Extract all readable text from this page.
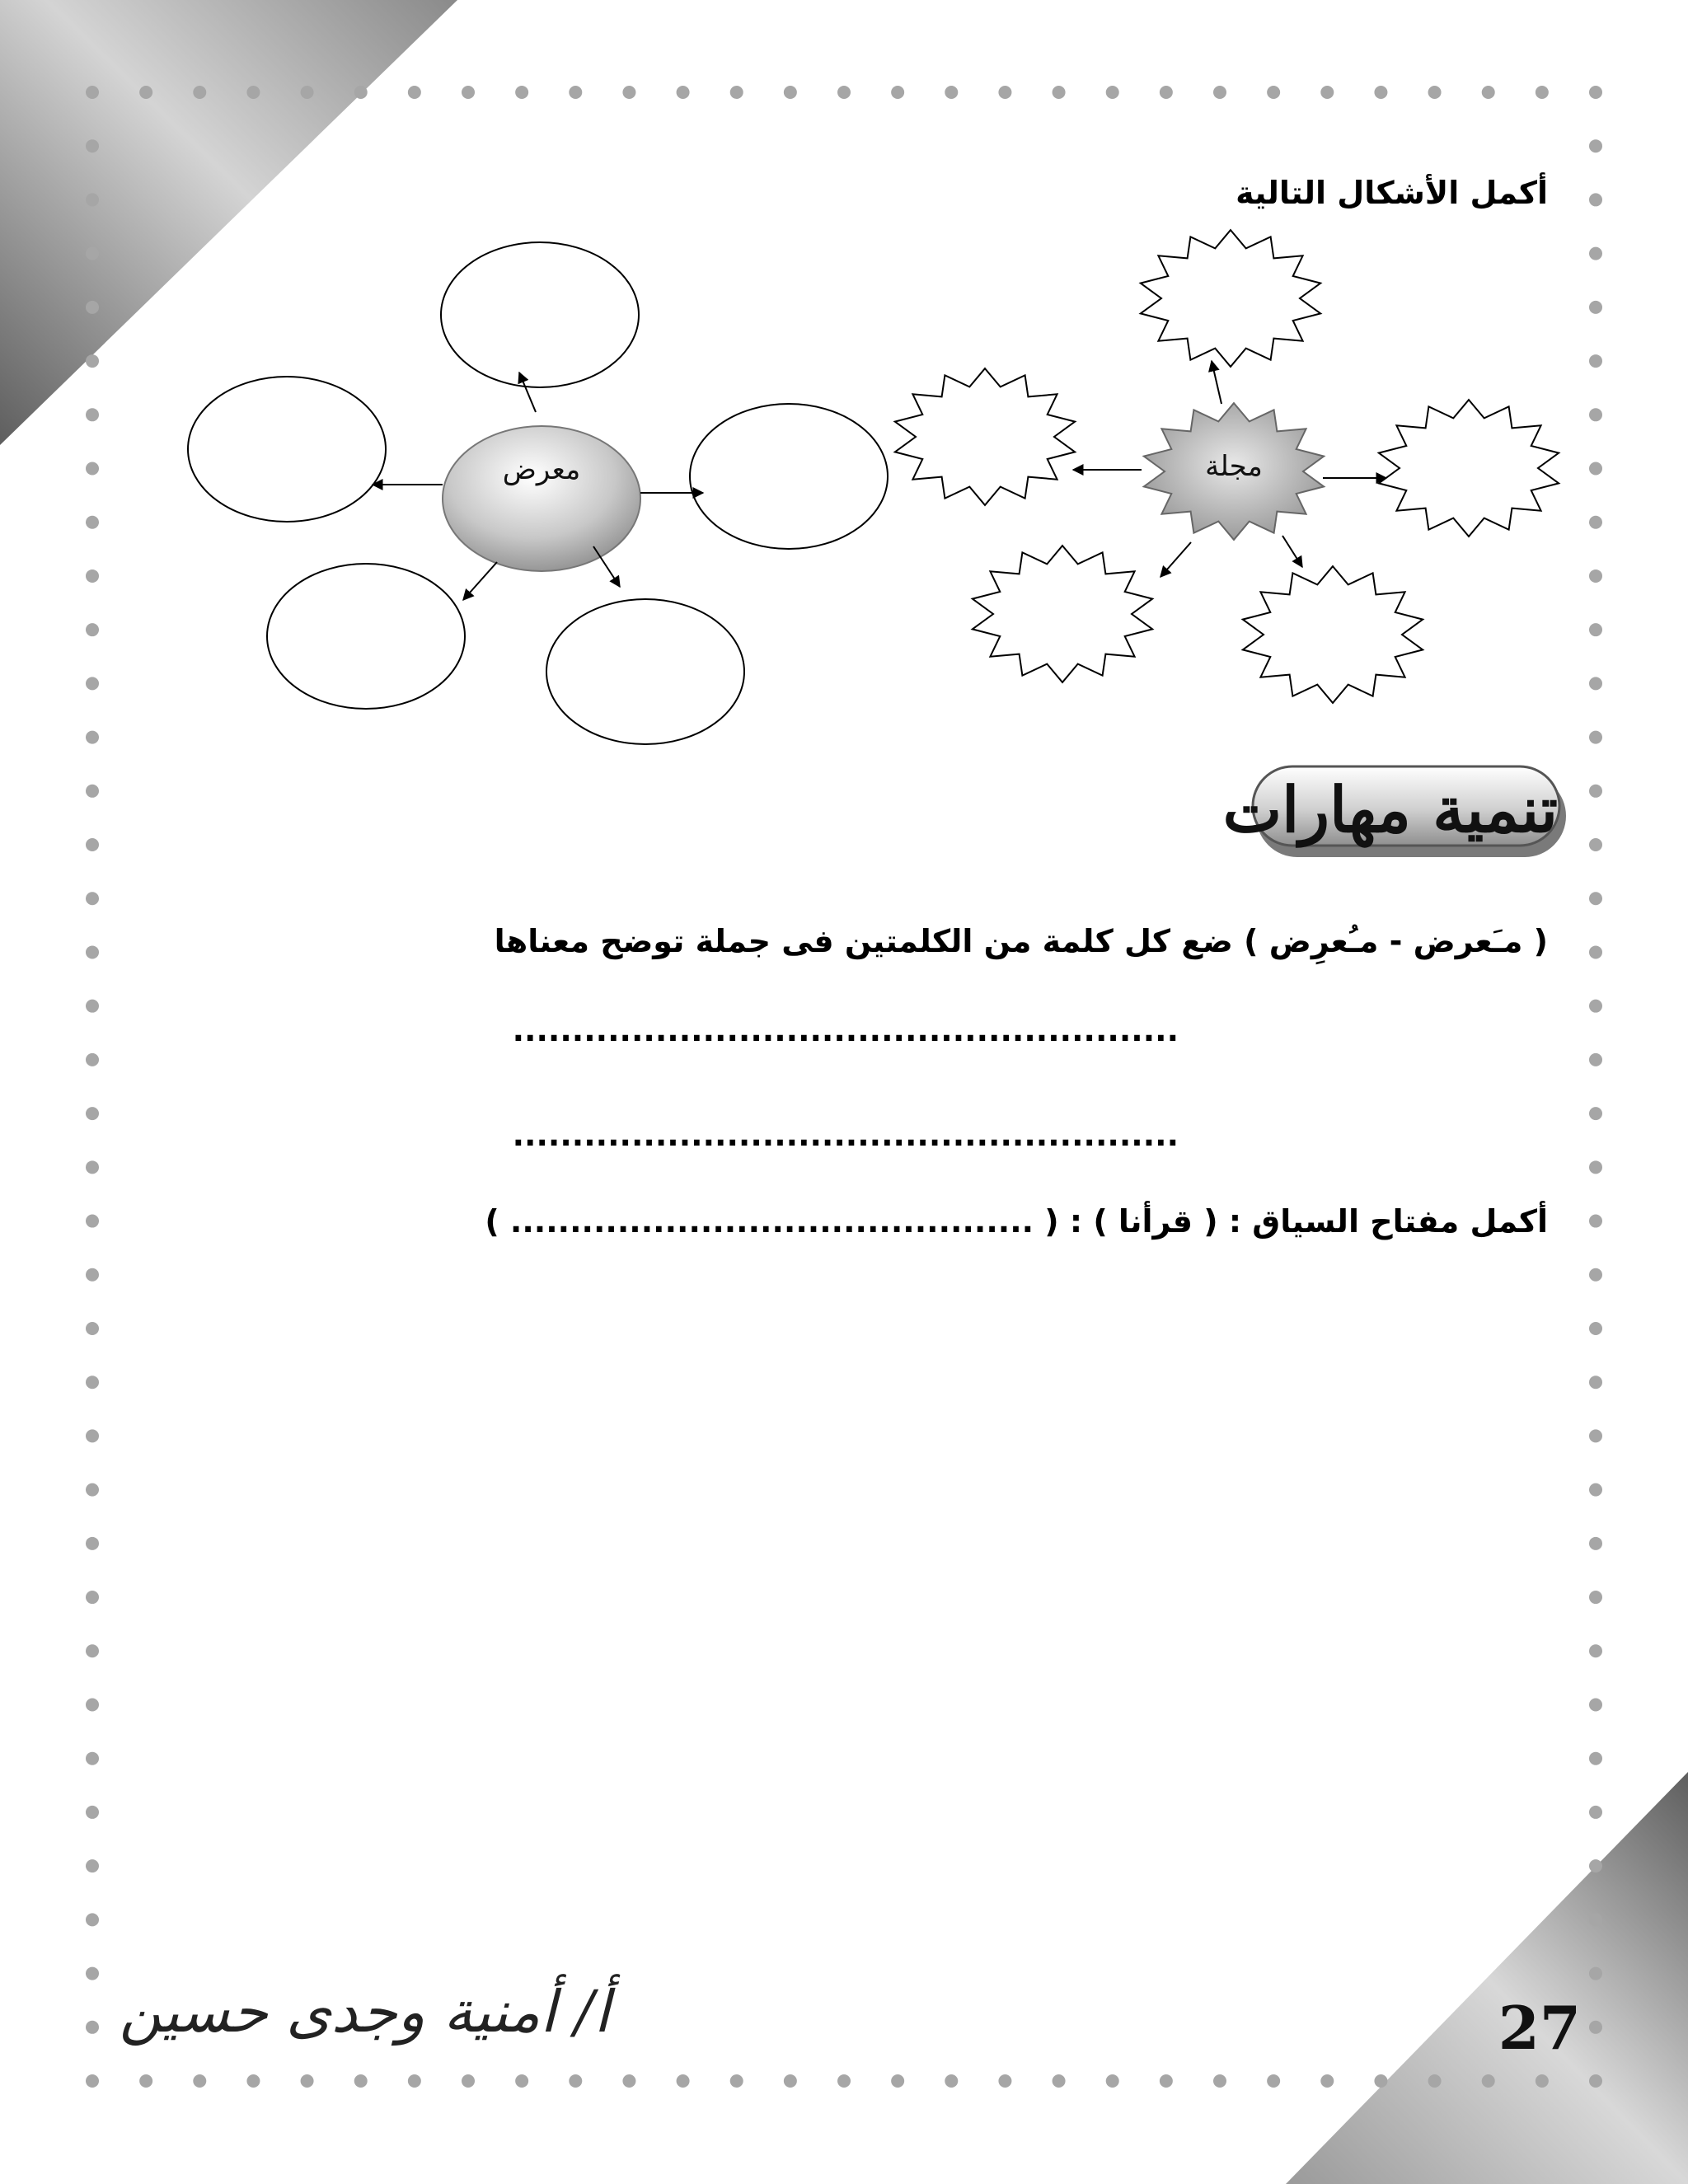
أكمل الأشكال التالية
مجلة
معرض
تنمية مهارات
( مـَعرض - مـُعرِض ) ضع كل كلمة من الكلمتين فى جملة توضح معناها
........................................................
........................................................
أكمل مفتاح السياق : ( قرأنا ) : ( ............................................ )
أ/ أمنية وجدى حسين	27
